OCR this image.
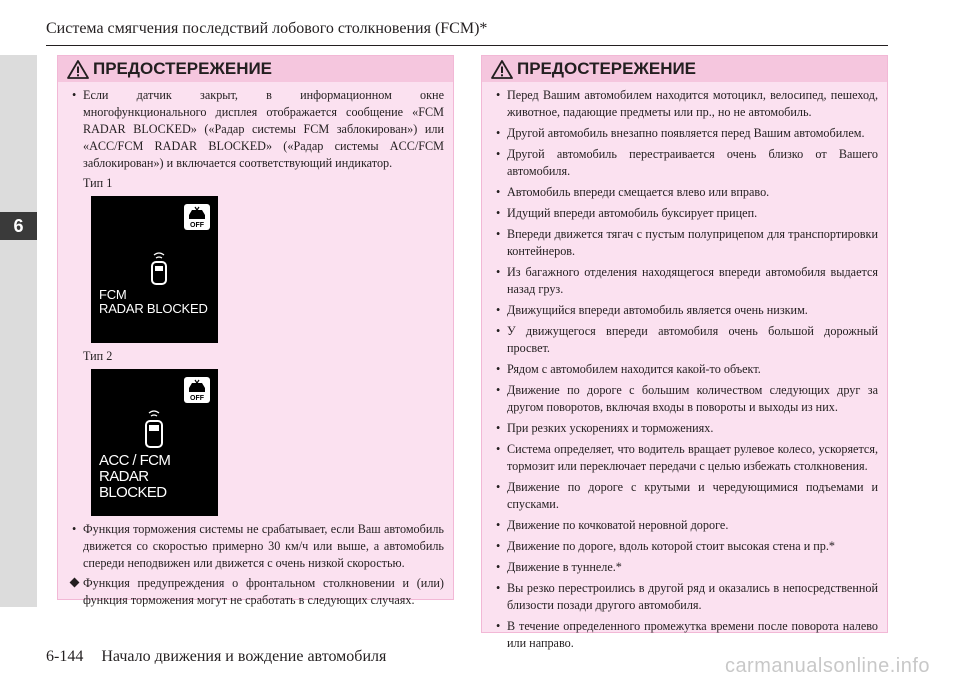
6
Система смягчения последствий лобового столкновения (FCM)*
ПРЕДОСТЕРЕЖЕНИЕ
• Если датчик закрыт, в информационном окне многофункционального дисплея отображается сообщение «FCM RADAR BLOCKED» («Радар системы FCM заблокирован») или «ACC/FCM RADAR BLOCKED» («Радар системы ACC/FCM заблокирован») и включается соответствующий индикатор.
Тип 1
OFF
FCM
RADAR BLOCKED
Тип 2
OFF
ACC / FCM
RADAR BLOCKED
• Функция торможения системы не срабатывает, если Ваш автомобиль движется со скоростью примерно 30 км/ч или выше, а автомобиль спереди неподвижен или движется с очень низкой скоростью.
Функция предупреждения о фронтальном столкновении и (или) функция торможения могут не сработать в следующих случаях.
ПРЕДОСТЕРЕЖЕНИЕ
• Перед Вашим автомобилем находится мотоцикл, велосипед, пешеход, животное, падающие предметы или пр., но не автомобиль.
• Другой автомобиль внезапно появляется перед Вашим автомобилем.
• Другой автомобиль перестраивается очень близко от Вашего автомобиля.
• Автомобиль впереди смещается влево или вправо.
• Идущий впереди автомобиль буксирует прицеп.
• Впереди движется тягач с пустым полуприцепом для транспортировки контейнеров.
• Из багажного отделения находящегося впереди автомобиля выдается назад груз.
• Движущийся впереди автомобиль является очень низким.
• У движущегося впереди автомобиля очень большой дорожный просвет.
• Рядом с автомобилем находится какой-то объект.
• Движение по дороге с большим количеством следующих друг за другом поворотов, включая входы в повороты и выходы из них.
• При резких ускорениях и торможениях.
• Система определяет, что водитель вращает рулевое колесо, ускоряется, тормозит или переключает передачи с целью избежать столкновения.
• Движение по дороге с крутыми и чередующимися подъемами и спусками.
• Движение по кочковатой неровной дороге.
• Движение по дороге, вдоль которой стоит высокая стена и пр.*
• Движение в туннеле.*
• Вы резко перестроились в другой ряд и оказались в непосредственной близости позади другого автомобиля.
• В течение определенного промежутка времени после поворота налево или направо.
6-144 Начало движения и вождение автомобиля	carmanualsonline.info
